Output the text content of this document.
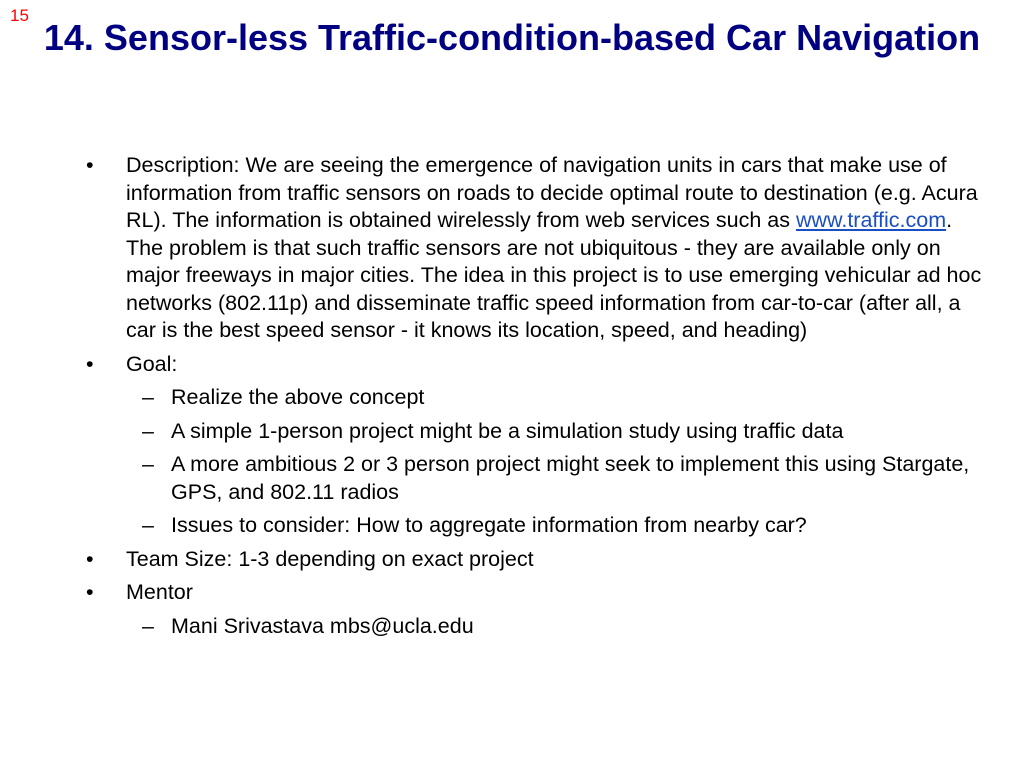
15
14. Sensor-less Traffic-condition-based Car Navigation
• Description: We are seeing the emergence of navigation units in cars that make use of information from traffic sensors on roads to decide optimal route to destination (e.g. Acura RL). The information is obtained wirelessly from web services such as www.traffic.com. The problem is that such traffic sensors are not ubiquitous - they are available only on major freeways in major cities. The idea in this project is to use emerging vehicular ad hoc networks (802.11p) and disseminate traffic speed information from car-to-car (after all, a car is the best speed sensor - it knows its location, speed, and heading)
• Goal:
– Realize the above concept
– A simple 1-person project might be a simulation study using traffic data
– A more ambitious 2 or 3 person project might seek to implement this using Stargate, GPS, and 802.11 radios
– Issues to consider: How to aggregate information from nearby car?
• Team Size: 1-3 depending on exact project
• Mentor
– Mani Srivastava mbs@ucla.edu
